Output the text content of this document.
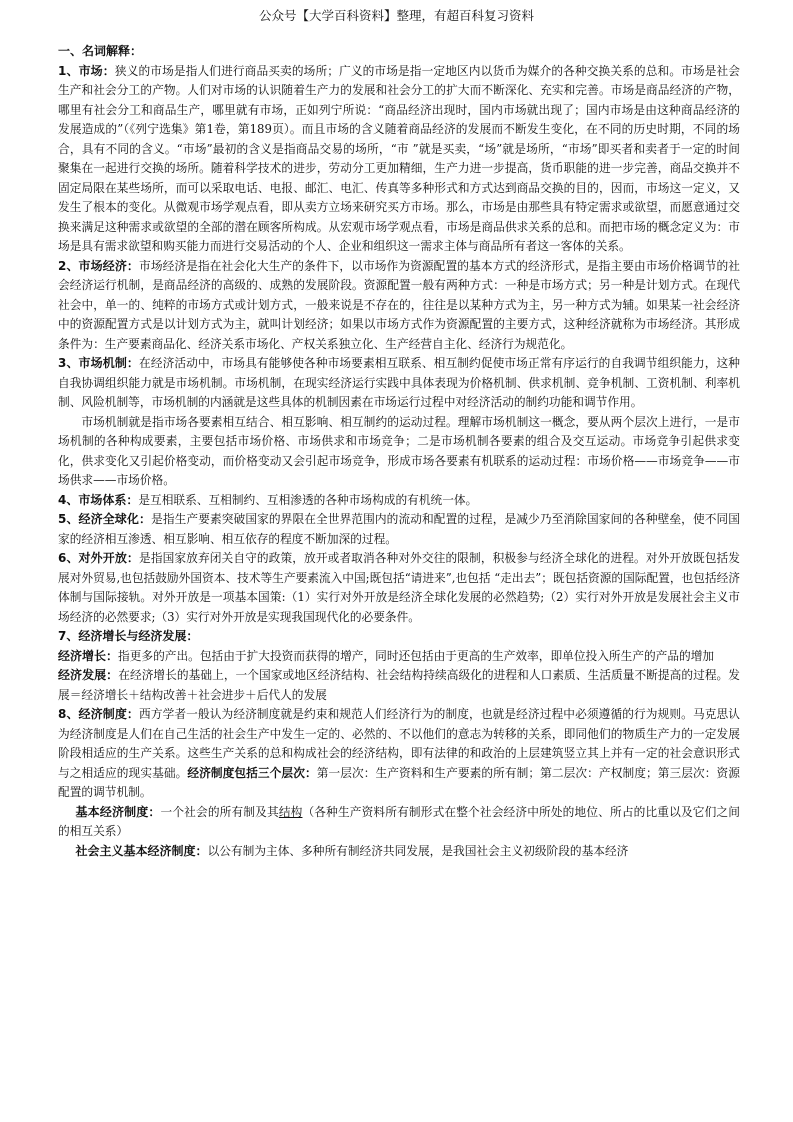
公众号【大学百科资料】整理，有超百科复习资料

一、名词解释：

1、市场：狭义的市场是指人们进行商品买卖的场所；广义的市场是指一定地区内以货币为媒介的各种交换关系的总和。市场是社会生产和社会分工的产物。人们对市场的认识随着生产力的发展和社会分工的扩大而不断深化、充实和完善。市场是商品经济的产物，哪里有社会分工和商品生产，哪里就有市场，正如列宁所说：“商品经济出现时，国内市场就出现了；国内市场是由这种商品经济的发展造成的”（《列宁选集》第1卷，第189页）。而且市场的含义随着商品经济的发展而不断发生变化，在不同的历史时期，不同的场合，具有不同的含义。“市场”最初的含义是指商品交易的场所，“市 ”就是买卖，“场”就是场所，“市场”即买者和卖者于一定的时间聚集在一起进行交换的场所。随着科学技术的进步，劳动分工更加精细，生产力进一步提高，货币职能的进一步完善，商品交换并不固定局限在某些场所，而可以采取电话、电报、邮汇、电汇、传真等多种形式和方式达到商品交换的目的，因而，市场这一定义，又发生了根本的变化。从微观市场学观点看，即从卖方立场来研究买方市场。那么，市场是由那些具有特定需求或欲望，而愿意通过交换来满足这种需求或欲望的全部的潜在顾客所构成。从宏观市场学观点看，市场是商品供求关系的总和。而把市场的概念定义为：市场是具有需求欲望和购买能力而进行交易活动的个人、企业和组织这一需求主体与商品所有者这一客体的关系。

2、市场经济：市场经济是指在社会化大生产的条件下，以市场作为资源配置的基本方式的经济形式，是指主要由市场价格调节的社会经济运行机制，是商品经济的高级的、成熟的发展阶段。资源配置一般有两种方式：一种是市场方式；另一种是计划方式。在现代社会中，单一的、纯粹的市场方式或计划方式，一般来说是不存在的，往往是以某种方式为主，另一种方式为辅。如果某一社会经济中的资源配置方式是以计划方式为主，就叫计划经济；如果以市场方式作为资源配置的主要方式，这种经济就称为市场经济。其形成条件为：生产要素商品化、经济关系市场化、产权关系独立化、生产经营自主化、经济行为规范化。

3、市场机制：在经济活动中，市场具有能够使各种市场要素相互联系、相互制约促使市场正常有序运行的自我调节组织能力，这种自我协调组织能力就是市场机制。市场机制，在现实经济运行实践中具体表现为价格机制、供求机制、竞争机制、工资机制、利率机制、风险机制等，市场机制的内涵就是这些具体的机制因素在市场运行过程中对经济活动的制约功能和调节作用。

市场机制就是指市场各要素相互结合、相互影响、相互制约的运动过程。理解市场机制这一概念，要从两个层次上进行，一是市场机制的各种构成要素，主要包括市场价格、市场供求和市场竞争；二是市场机制各要素的组合及交互运动。市场竞争引起供求变化，供求变化又引起价格变动，而价格变动又会引起市场竞争，形成市场各要素有机联系的运动过程：市场价格——市场竞争——市场供求——市场价格。

4、市场体系：是互相联系、互相制约、互相渗透的各种市场构成的有机统一体。

5、经济全球化：是指生产要素突破国家的界限在全世界范围内的流动和配置的过程，是减少乃至消除国家间的各种壁垒，使不同国家的经济相互渗透、相互影响、相互依存的程度不断加深的过程。

6、对外开放：是指国家放弃闭关自守的政策，放开或者取消各种对外交往的限制，积极参与经济全球化的进程。对外开放既包括发展对外贸易,也包括鼓励外国资本、技术等生产要素流入中国;既包括“请进来”,也包括 “走出去”；既包括资源的国际配置，也包括经济体制与国际接轨。对外开放是一项基本国策:（1）实行对外开放是经济全球化发展的必然趋势;（2）实行对外开放是发展社会主义市场经济的必然要求;（3）实行对外开放是实现我国现代化的必要条件。

7、经济增长与经济发展：

经济增长：指更多的产出。包括由于扩大投资而获得的增产，同时还包括由于更高的生产效率，即单位投入所生产的产品的增加

经济发展：在经济增长的基础上，一个国家或地区经济结构、社会结构持续高级化的进程和人口素质、生活质量不断提高的过程。发展＝经济增长＋结构改善＋社会进步＋后代人的发展

8、经济制度：西方学者一般认为经济制度就是约束和规范人们经济行为的制度，也就是经济过程中必须遵循的行为规则。马克思认为经济制度是人们在自己生活的社会生产中发生一定的、必然的、不以他们的意志为转移的关系，即同他们的物质生产力的一定发展阶段相适应的生产关系。这些生产关系的总和构成社会的经济结构，即有法律的和政治的上层建筑竖立其上并有一定的社会意识形式与之相适应的现实基础。经济制度包括三个层次：第一层次：生产资料和生产要素的所有制；第二层次：产权制度；第三层次：资源配置的调节机制。

基本经济制度：一个社会的所有制及其结构（各种生产资料所有制形式在整个社会经济中所处的地位、所占的比重以及它们之间的相互关系）

社会主义基本经济制度：以公有制为主体、多种所有制经济共同发展，是我国社会主义初级阶段的基本经济
